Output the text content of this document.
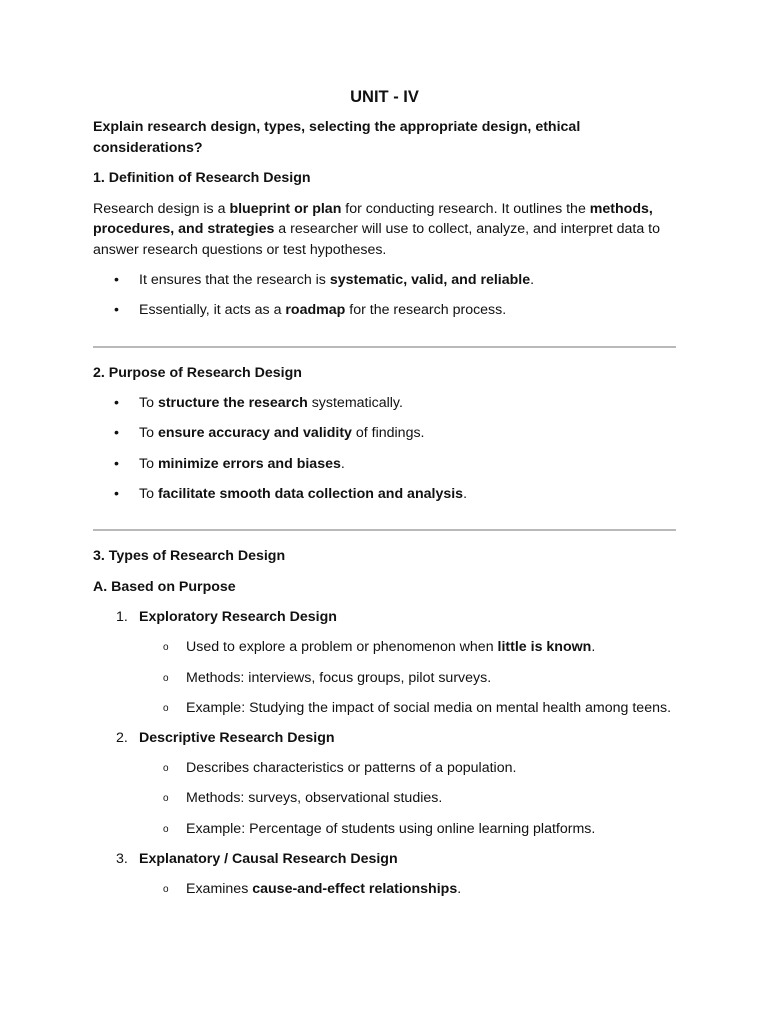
UNIT - IV
Explain research design, types, selecting the appropriate design, ethical considerations?
1. Definition of Research Design

Research design is a blueprint or plan for conducting research. It outlines the methods, procedures, and strategies a researcher will use to collect, analyze, and interpret data to answer research questions or test hypotheses.

• It ensures that the research is systematic, valid, and reliable.
• Essentially, it acts as a roadmap for the research process.
2. Purpose of Research Design
• To structure the research systematically.
• To ensure accuracy and validity of findings.
• To minimize errors and biases.
• To facilitate smooth data collection and analysis.
3. Types of Research Design
A. Based on Purpose
1. Exploratory Research Design
o Used to explore a problem or phenomenon when little is known.
o Methods: interviews, focus groups, pilot surveys.
o Example: Studying the impact of social media on mental health among teens.
2. Descriptive Research Design
o Describes characteristics or patterns of a population.
o Methods: surveys, observational studies.
o Example: Percentage of students using online learning platforms.
3. Explanatory / Causal Research Design
o Examines cause-and-effect relationships.
